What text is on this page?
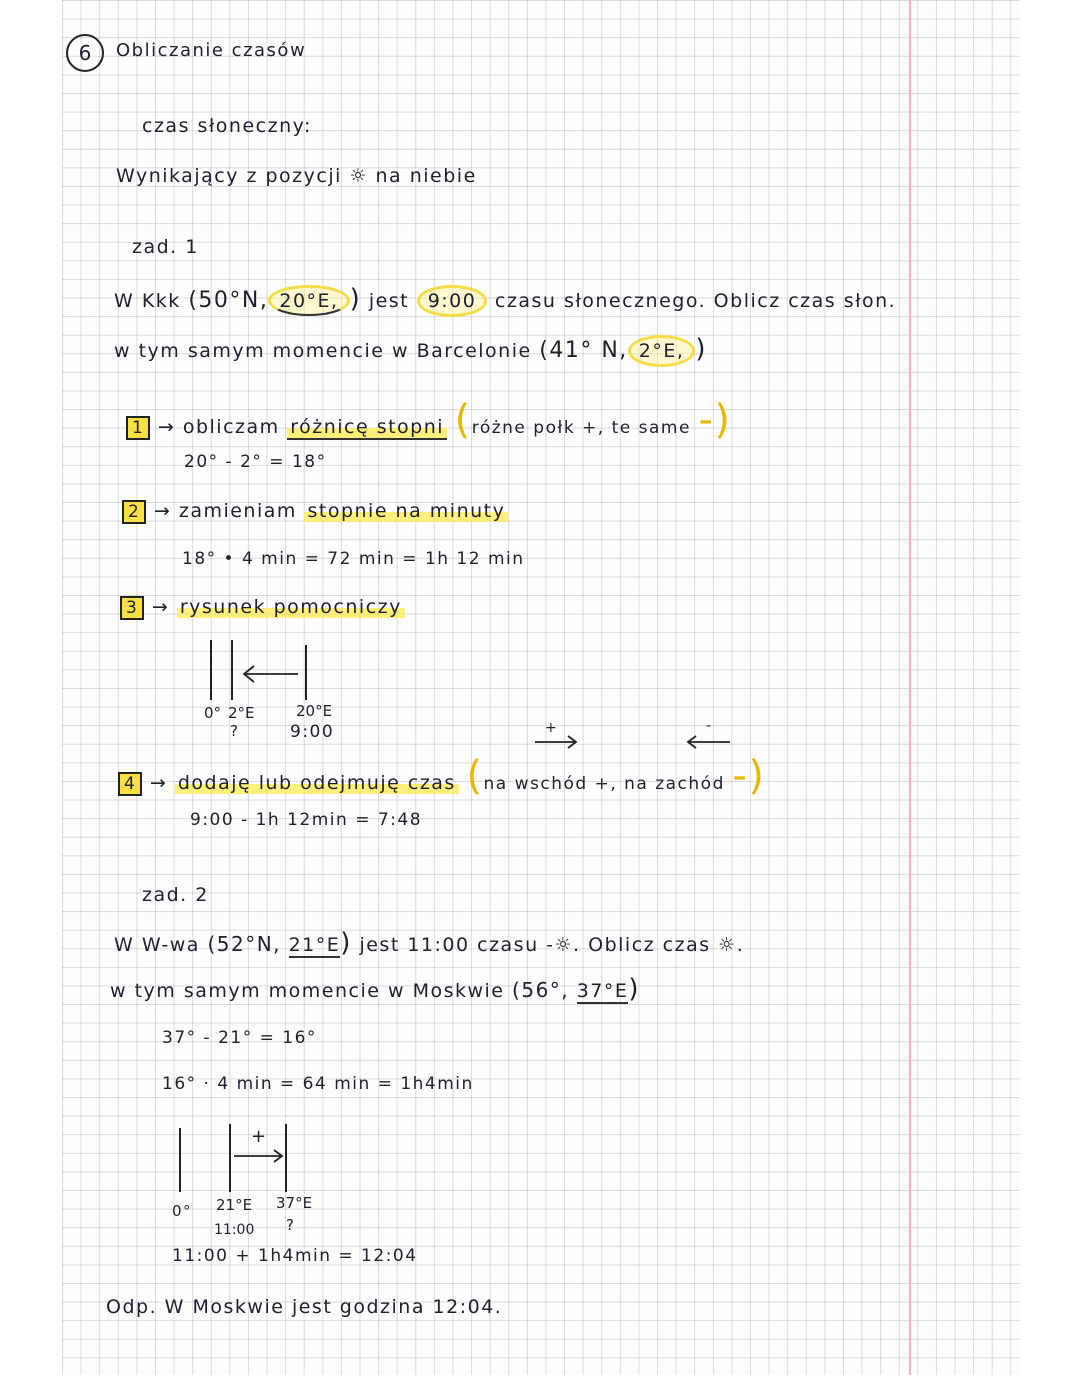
6	Obliczanie czasów
czas słoneczny:
Wynikający z pozycji ☼ na niebie
zad. 1
W Kkk (50°N, 20°E, ) jest 9:00 czasu słonecznego. Oblicz czas słon.
w tym samym momencie w Barcelonie (41° N, 2°E, )
1 → obliczam różnicę stopni (różne połk +, te same -)
20° - 2° = 18°
2 → zamieniam stopnie na minuty
18° • 4 min = 72 min = 1h 12 min
3 → rysunek pomocniczy
0° 2°E
?
20°E
9:00	+	-
4 → dodaję lub odejmuję czas (na wschód +, na zachód -)
9:00 - 1h 12min = 7:48
zad. 2
W W-wa (52°N, 21°E) jest 11:00 czasu -☼. Oblicz czas ☼.
w tym samym momencie w Moskwie (56°, 37°E)
37° - 21° = 16°
16° · 4 min = 64 min = 1h4min
+
0° 21°E 37°E
11:00 ?
11:00 + 1h4min = 12:04
Odp. W Moskwie jest godzina 12:04.
